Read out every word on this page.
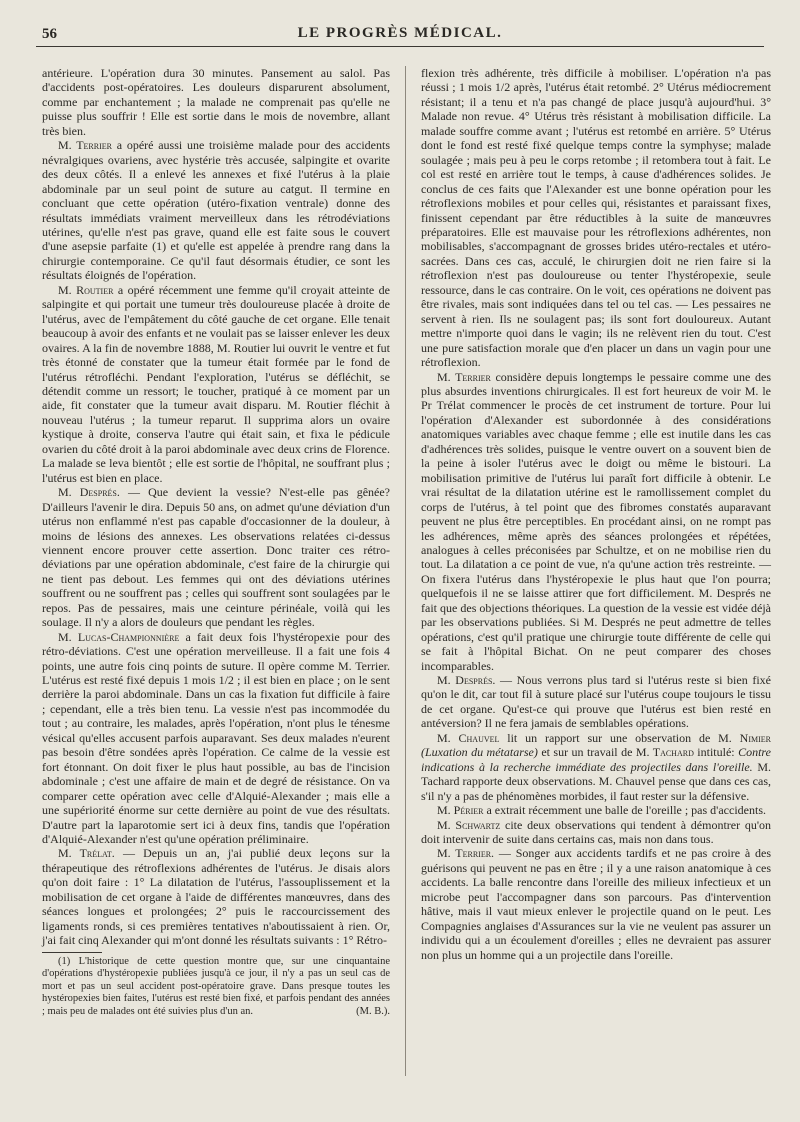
56	LE PROGRÈS MÉDICAL.

antérieure. L'opération dura 30 minutes. Pansement au salol. Pas d'accidents post-opératoires. Les douleurs disparurent absolument, comme par enchantement ; la malade ne comprenait pas qu'elle ne puisse plus souffrir ! Elle est sortie dans le mois de novembre, allant très bien.

M. Terrier a opéré aussi une troisième malade pour des accidents névralgiques ovariens, avec hystérie très accusée, salpingite et ovarite des deux côtés. Il a enlevé les annexes et fixé l'utérus à la plaie abdominale par un seul point de suture au catgut. Il termine en concluant que cette opération (utéro-fixation ventrale) donne des résultats immédiats vraiment merveilleux dans les rétrodéviations utérines, qu'elle n'est pas grave, quand elle est faite sous le couvert d'une asepsie parfaite (1) et qu'elle est appelée à prendre rang dans la chirurgie contemporaine. Ce qu'il faut désormais étudier, ce sont les résultats éloignés de l'opération.

M. Routier a opéré récemment une femme qu'il croyait atteinte de salpingite et qui portait une tumeur très douloureuse placée à droite de l'utérus, avec de l'empâtement du côté gauche de cet organe. Elle tenait beaucoup à avoir des enfants et ne voulait pas se laisser enlever les deux ovaires. A la fin de novembre 1888, M. Routier lui ouvrit le ventre et fut très étonné de constater que la tumeur était formée par le fond de l'utérus rétrofléchi. Pendant l'exploration, l'utérus se défléchit, se détendit comme un ressort; le toucher, pratiqué à ce moment par un aide, fit constater que la tumeur avait disparu. M. Routier fléchit à nouveau l'utérus ; la tumeur reparut. Il supprima alors un ovaire kystique à droite, conserva l'autre qui était sain, et fixa le pédicule ovarien du côté droit à la paroi abdominale avec deux crins de Florence. La malade se leva bientôt ; elle est sortie de l'hôpital, ne souffrant plus ; l'utérus est bien en place.

M. Després. — Que devient la vessie? N'est-elle pas gênée? D'ailleurs l'avenir le dira. Depuis 50 ans, on admet qu'une déviation d'un utérus non enflammé n'est pas capable d'occasionner de la douleur, à moins de lésions des annexes. Les observations relatées ci-dessus viennent encore prouver cette assertion. Donc traiter ces rétro-déviations par une opération abdominale, c'est faire de la chirurgie qui ne tient pas debout. Les femmes qui ont des déviations utérines souffrent ou ne souffrent pas ; celles qui souffrent sont soulagées par le repos. Pas de pessaires, mais une ceinture périnéale, voilà qui les soulage. Il n'y a alors de douleurs que pendant les règles.

M. Lucas-Championnière a fait deux fois l'hystéropexie pour des rétro-déviations. C'est une opération merveilleuse. Il a fait une fois 4 points, une autre fois cinq points de suture. Il opère comme M. Terrier. L'utérus est resté fixé depuis 1 mois 1/2 ; il est bien en place ; on le sent derrière la paroi abdominale. Dans un cas la fixation fut difficile à faire ; cependant, elle a très bien tenu. La vessie n'est pas incommodée du tout ; au contraire, les malades, après l'opération, n'ont plus le ténesme vésical qu'elles accusent parfois auparavant. Ses deux malades n'eurent pas besoin d'être sondées après l'opération. Ce calme de la vessie est fort étonnant. On doit fixer le plus haut possible, au bas de l'incision abdominale ; c'est une affaire de main et de degré de résistance. On va comparer cette opération avec celle d'Alquié-Alexander ; mais elle a une supériorité énorme sur cette dernière au point de vue des résultats. D'autre part la laparotomie sert ici à deux fins, tandis que l'opération d'Alquié-Alexander n'est qu'une opération préliminaire.

M. Trélat. — Depuis un an, j'ai publié deux leçons sur la thérapeutique des rétroflexions adhérentes de l'utérus. Je disais alors qu'on doit faire : 1° La dilatation de l'utérus, l'assouplissement et la mobilisation de cet organe à l'aide de différentes manœuvres, dans des séances longues et prolongées; 2° puis le raccourcissement des ligaments ronds, si ces premières tentatives n'aboutissaient à rien. Or, j'ai fait cinq Alexander qui m'ont donné les résultats suivants : 1° Rétro-

(1) L'historique de cette question montre que, sur une cinquantaine d'opérations d'hystéropexie publiées jusqu'à ce jour, il n'y a pas un seul cas de mort et pas un seul accident post-opératoire grave. Dans presque toutes les hystéropexies bien faites, l'utérus est resté bien fixé, et parfois pendant des années ; mais peu de malades ont été suivies plus d'un an.	(M. B.).

flexion très adhérente, très difficile à mobiliser. L'opération n'a pas réussi ; 1 mois 1/2 après, l'utérus était retombé. 2° Utérus médiocrement résistant; il a tenu et n'a pas changé de place jusqu'à aujourd'hui. 3° Malade non revue. 4° Utérus très résistant à mobilisation difficile. La malade souffre comme avant ; l'utérus est retombé en arrière. 5° Utérus dont le fond est resté fixé quelque temps contre la symphyse; malade soulagée ; mais peu à peu le corps retombe ; il retombera tout à fait. Le col est resté en arrière tout le temps, à cause d'adhérences solides. Je conclus de ces faits que l'Alexander est une bonne opération pour les rétroflexions mobiles et pour celles qui, résistantes et paraissant fixes, finissent cependant par être réductibles à la suite de manœuvres préparatoires. Elle est mauvaise pour les rétroflexions adhérentes, non mobilisables, s'accompagnant de grosses brides utéro-rectales et utéro-sacrées. Dans ces cas, acculé, le chirurgien doit ne rien faire si la rétroflexion n'est pas douloureuse ou tenter l'hystéropexie, seule ressource, dans le cas contraire. On le voit, ces opérations ne doivent pas être rivales, mais sont indiquées dans tel ou tel cas. — Les pessaires ne servent à rien. Ils ne soulagent pas; ils sont fort douloureux. Autant mettre n'importe quoi dans le vagin; ils ne relèvent rien du tout. C'est une pure satisfaction morale que d'en placer un dans un vagin pour une rétroflexion.

M. Terrier considère depuis longtemps le pessaire comme une des plus absurdes inventions chirurgicales. Il est fort heureux de voir M. le Pr Trélat commencer le procès de cet instrument de torture. Pour lui l'opération d'Alexander est subordonnée à des considérations anatomiques variables avec chaque femme ; elle est inutile dans les cas d'adhérences très solides, puisque le ventre ouvert on a souvent bien de la peine à isoler l'utérus avec le doigt ou même le bistouri. La mobilisation primitive de l'utérus lui paraît fort difficile à obtenir. Le vrai résultat de la dilatation utérine est le ramollissement complet du corps de l'utérus, à tel point que des fibromes constatés auparavant peuvent ne plus être perceptibles. En procédant ainsi, on ne rompt pas les adhérences, même après des séances prolongées et répétées, analogues à celles préconisées par Schultze, et on ne mobilise rien du tout. La dilatation a ce point de vue, n'a qu'une action très restreinte. — On fixera l'utérus dans l'hystéropexie le plus haut que l'on pourra; quelquefois il ne se laisse attirer que fort difficilement. M. Després ne fait que des objections théoriques. La question de la vessie est vidée déjà par les observations publiées. Si M. Després ne peut admettre de telles opérations, c'est qu'il pratique une chirurgie toute différente de celle qui se fait à l'hôpital Bichat. On ne peut comparer des choses incomparables.

M. Després. — Nous verrons plus tard si l'utérus reste si bien fixé qu'on le dit, car tout fil à suture placé sur l'utérus coupe toujours le tissu de cet organe. Qu'est-ce qui prouve que l'utérus est bien resté en antéversion? Il ne fera jamais de semblables opérations.

M. Chauvel lit un rapport sur une observation de M. Nimier (Luxation du métatarse) et sur un travail de M. Tachard intitulé: Contre indications à la recherche immédiate des projectiles dans l'oreille. M. Tachard rapporte deux observations. M. Chauvel pense que dans ces cas, s'il n'y a pas de phénomènes morbides, il faut rester sur la défensive.

M. Périer a extrait récemment une balle de l'oreille ; pas d'accidents.

M. Schwartz cite deux observations qui tendent à démontrer qu'on doit intervenir de suite dans certains cas, mais non dans tous.

M. Terrier. — Songer aux accidents tardifs et ne pas croire à des guérisons qui peuvent ne pas en être ; il y a une raison anatomique à ces accidents. La balle rencontre dans l'oreille des milieux infectieux et un microbe peut l'accompagner dans son parcours. Pas d'intervention hâtive, mais il vaut mieux enlever le projectile quand on le peut. Les Compagnies anglaises d'Assurances sur la vie ne veulent pas assurer un individu qui a un écoulement d'oreilles ; elles ne devraient pas assurer non plus un homme qui a un projectile dans l'oreille.
